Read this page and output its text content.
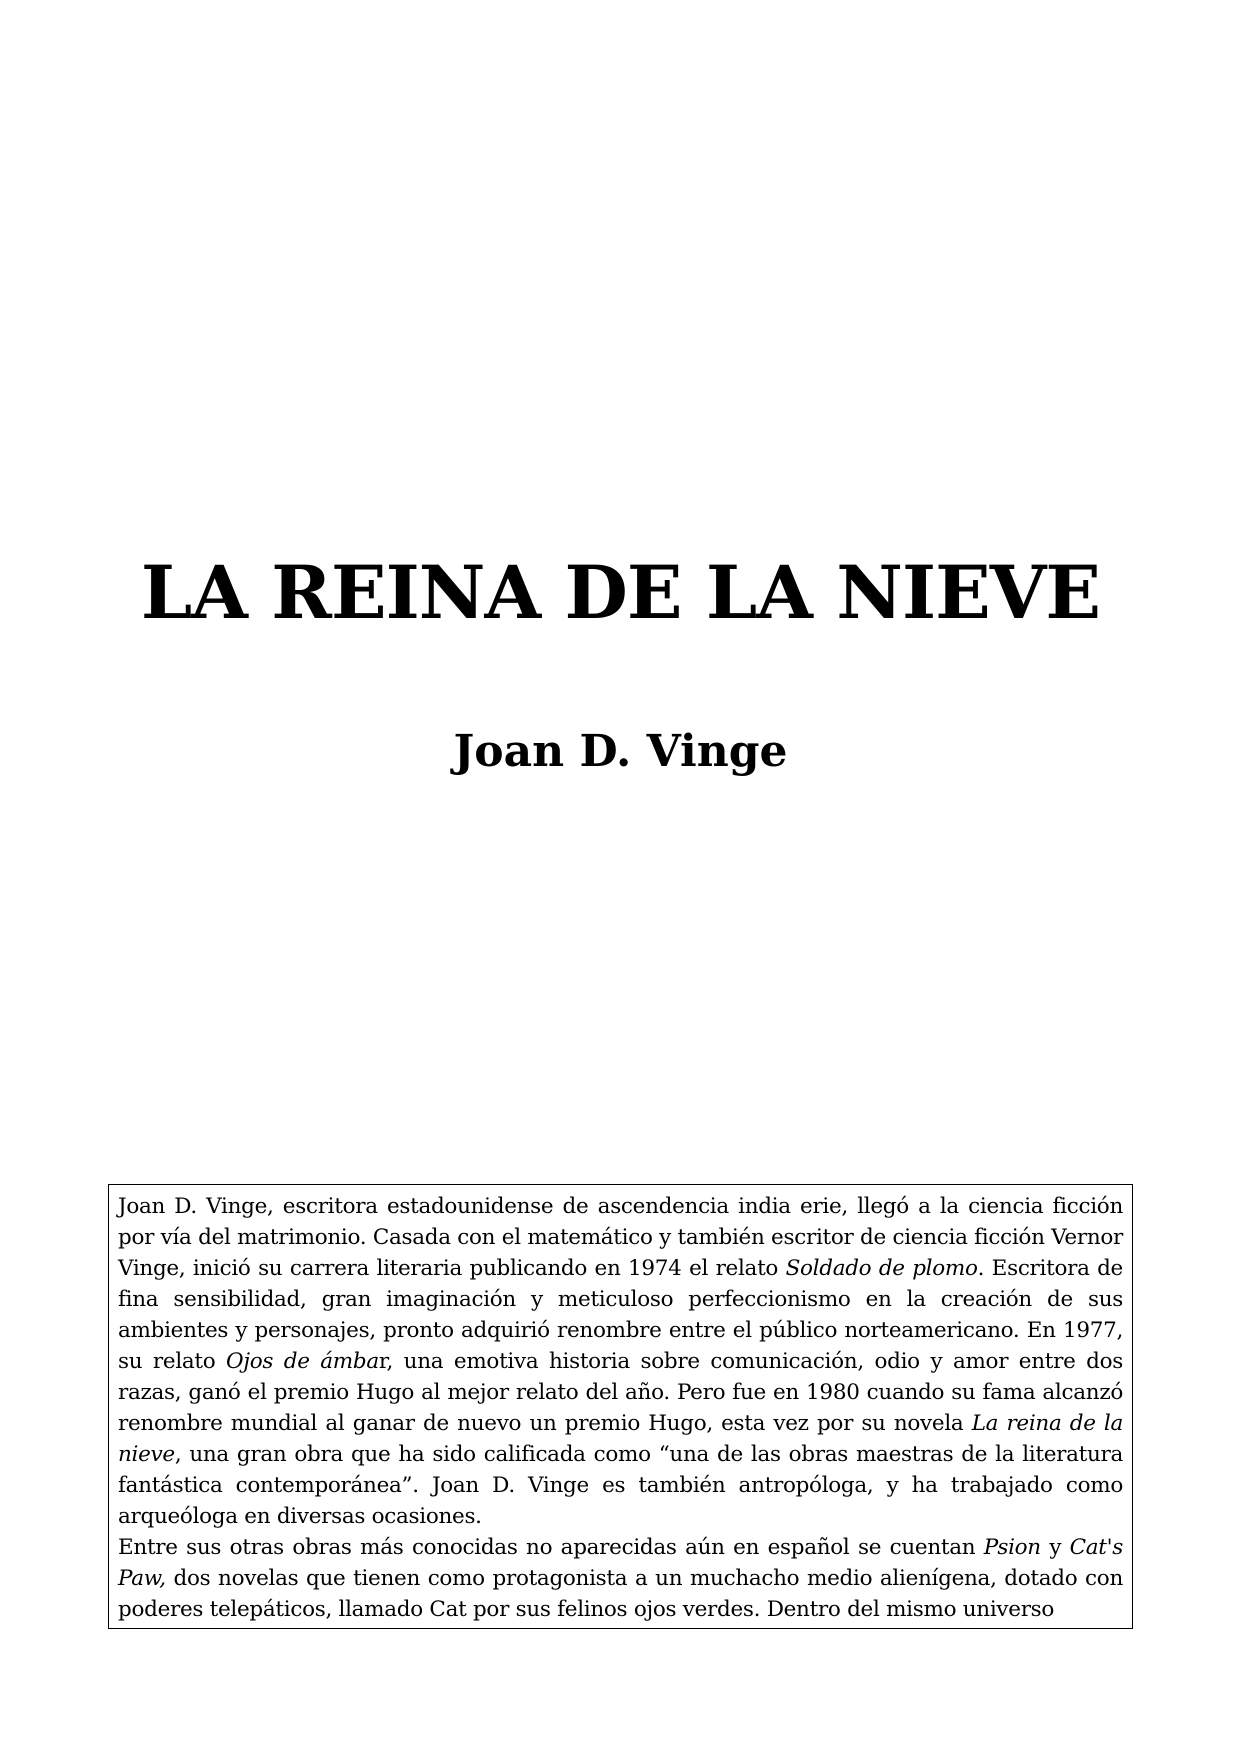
LA REINA DE LA NIEVE
Joan D. Vinge

Joan D. Vinge, escritora estadounidense de ascendencia india erie, llegó a la ciencia ficción por vía del matrimonio. Casada con el matemático y también escritor de ciencia ficción Vernor Vinge, inició su carrera literaria publicando en 1974 el relato Soldado de plomo. Escritora de fina sensibilidad, gran imaginación y meticuloso perfeccionismo en la creación de sus ambientes y personajes, pronto adquirió renombre entre el público norteamericano. En 1977, su relato Ojos de ámbar, una emotiva historia sobre comunicación, odio y amor entre dos razas, ganó el premio Hugo al mejor relato del año. Pero fue en 1980 cuando su fama alcanzó renombre mundial al ganar de nuevo un premio Hugo, esta vez por su novela La reina de la nieve, una gran obra que ha sido calificada como “una de las obras maestras de la literatura fantástica contemporánea”. Joan D. Vinge es también antropóloga, y ha trabajado como arqueóloga en diversas ocasiones.

Entre sus otras obras más conocidas no aparecidas aún en español se cuentan Psion y Cat's Paw, dos novelas que tienen como protagonista a un muchacho medio alienígena, dotado con poderes telepáticos, llamado Cat por sus felinos ojos verdes. Dentro del mismo universo
